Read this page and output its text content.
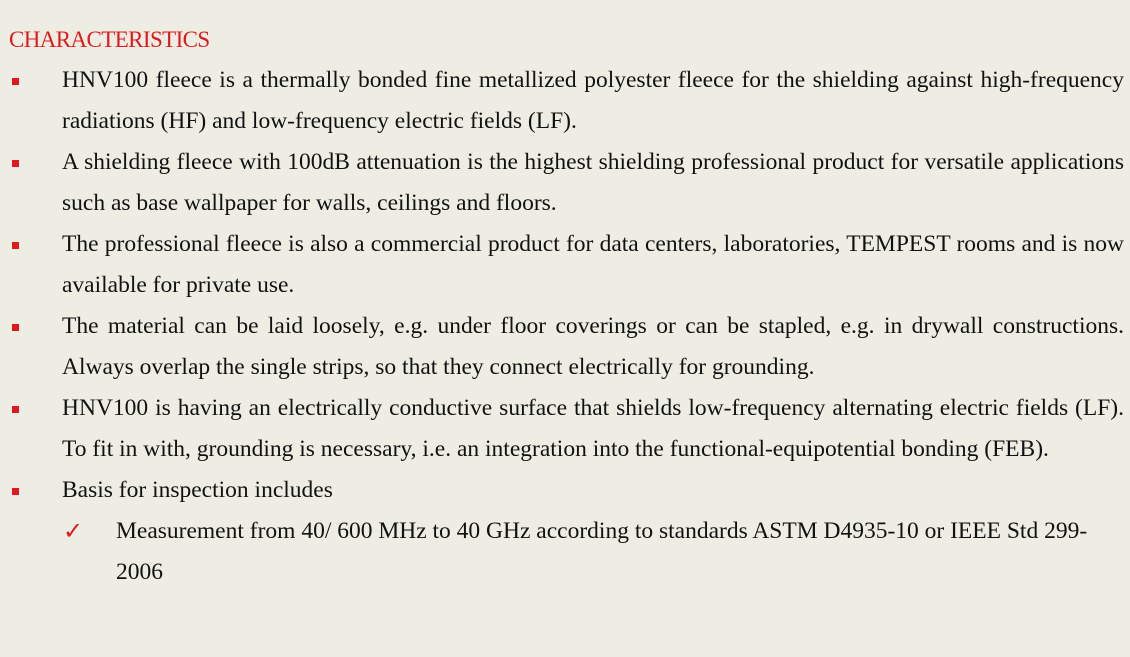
CHARACTERISTICS
HNV100 fleece is a thermally bonded fine metallized polyester fleece for the shielding against high-frequency radiations (HF) and low-frequency electric fields (LF).
A shielding fleece with 100dB attenuation is the highest shielding professional product for versatile applications such as base wallpaper for walls, ceilings and floors.
The professional fleece is also a commercial product for data centers, laboratories, TEMPEST rooms and is now available for private use.
The material can be laid loosely, e.g. under floor coverings or can be stapled, e.g. in drywall constructions. Always overlap the single strips, so that they connect electrically for grounding.
HNV100 is having an electrically conductive surface that shields low-frequency alternating electric fields (LF). To fit in with, grounding is necessary, i.e. an integration into the functional-equipotential bonding (FEB).
Basis for inspection includes
✓ Measurement from 40/ 600 MHz to 40 GHz according to standards ASTM D4935-10 or IEEE Std 299-2006
